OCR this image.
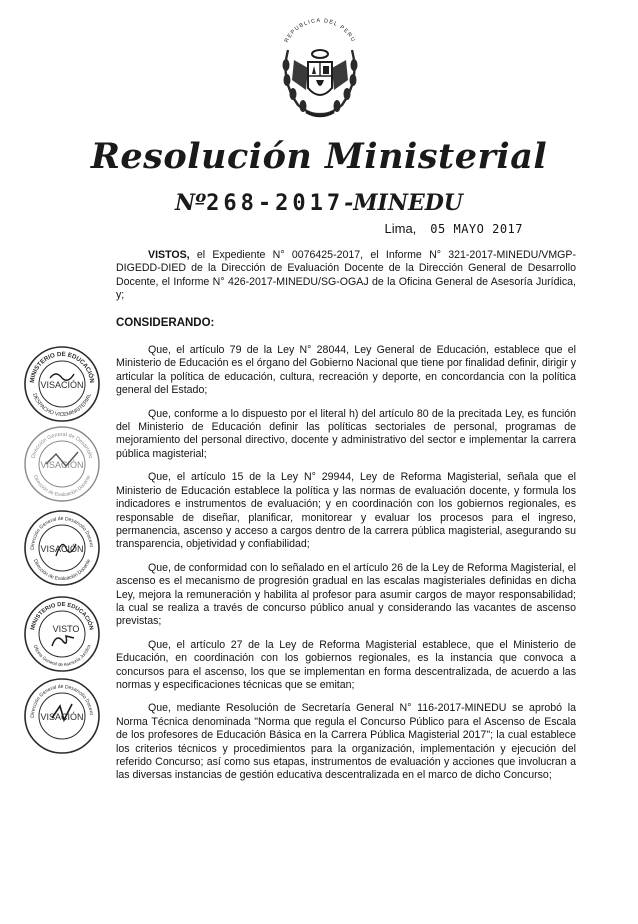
REPUBLICA DEL PERU
Resolución Ministerial
Nº268-2017-MINEDU
Lima, 05 MAYO 2017

VISTOS, el Expediente N° 0076425-2017, el Informe N° 321-2017-MINEDU/VMGP-DIGEDD-DIED de la Dirección de Evaluación Docente de la Dirección General de Desarrollo Docente, el Informe N° 426-2017-MINEDU/SG-OGAJ de la Oficina General de Asesoría Jurídica, y;

CONSIDERANDO:

Que, el artículo 79 de la Ley N° 28044, Ley General de Educación, establece que el Ministerio de Educación es el órgano del Gobierno Nacional que tiene por finalidad definir, dirigir y articular la política de educación, cultura, recreación y deporte, en concordancia con la política general del Estado;

Que, conforme a lo dispuesto por el literal h) del artículo 80 de la precitada Ley, es función del Ministerio de Educación definir las políticas sectoriales de personal, programas de mejoramiento del personal directivo, docente y administrativo del sector e implementar la carrera pública magisterial;

Que, el artículo 15 de la Ley N° 29944, Ley de Reforma Magisterial, señala que el Ministerio de Educación establece la política y las normas de evaluación docente, y formula los indicadores e instrumentos de evaluación; y en coordinación con los gobiernos regionales, es responsable de diseñar, planificar, monitorear y evaluar los procesos para el ingreso, permanencia, ascenso y acceso a cargos dentro de la carrera pública magisterial, asegurando su transparencia, objetividad y confiabilidad;

Que, de conformidad con lo señalado en el artículo 26 de la Ley de Reforma Magisterial, el ascenso es el mecanismo de progresión gradual en las escalas magisteriales definidas en dicha Ley, mejora la remuneración y habilita al profesor para asumir cargos de mayor responsabilidad; la cual se realiza a través de concurso público anual y considerando las vacantes de ascenso previstas;

Que, el artículo 27 de la Ley de Reforma Magisterial establece, que el Ministerio de Educación, en coordinación con los gobiernos regionales, es la instancia que convoca a concursos para el ascenso, los que se implementan en forma descentralizada, de acuerdo a las normas y especificaciones técnicas que se emitan;

Que, mediante Resolución de Secretaría General N° 116-2017-MINEDU se aprobó la Norma Técnica denominada "Norma que regula el Concurso Público para el Ascenso de Escala de los profesores de Educación Básica en la Carrera Pública Magisterial 2017"; la cual establece los criterios técnicos y procedimientos para la organización, implementación y ejecución del referido Concurso; así como sus etapas, instrumentos de evaluación y acciones que involucran a las diversas instancias de gestión educativa descentralizada en el marco de dicho Concurso;

MINISTERIO DE EDUCACIÓN
DESPACHO VICEMINISTERIAL
VISACIÓN
Dirección General de Desarrollo
Dirección de Evaluación Docente
VISACIÓN
Dirección General de Desarrollo Docent
Dirección de Evaluación Docente
VISACIÓN
MINISTERIO DE EDUCACIÓN
Oficina General de Asesoría Jurídica
VISTO
Dirección General de Desarrollo Docent
VISACIÓN
